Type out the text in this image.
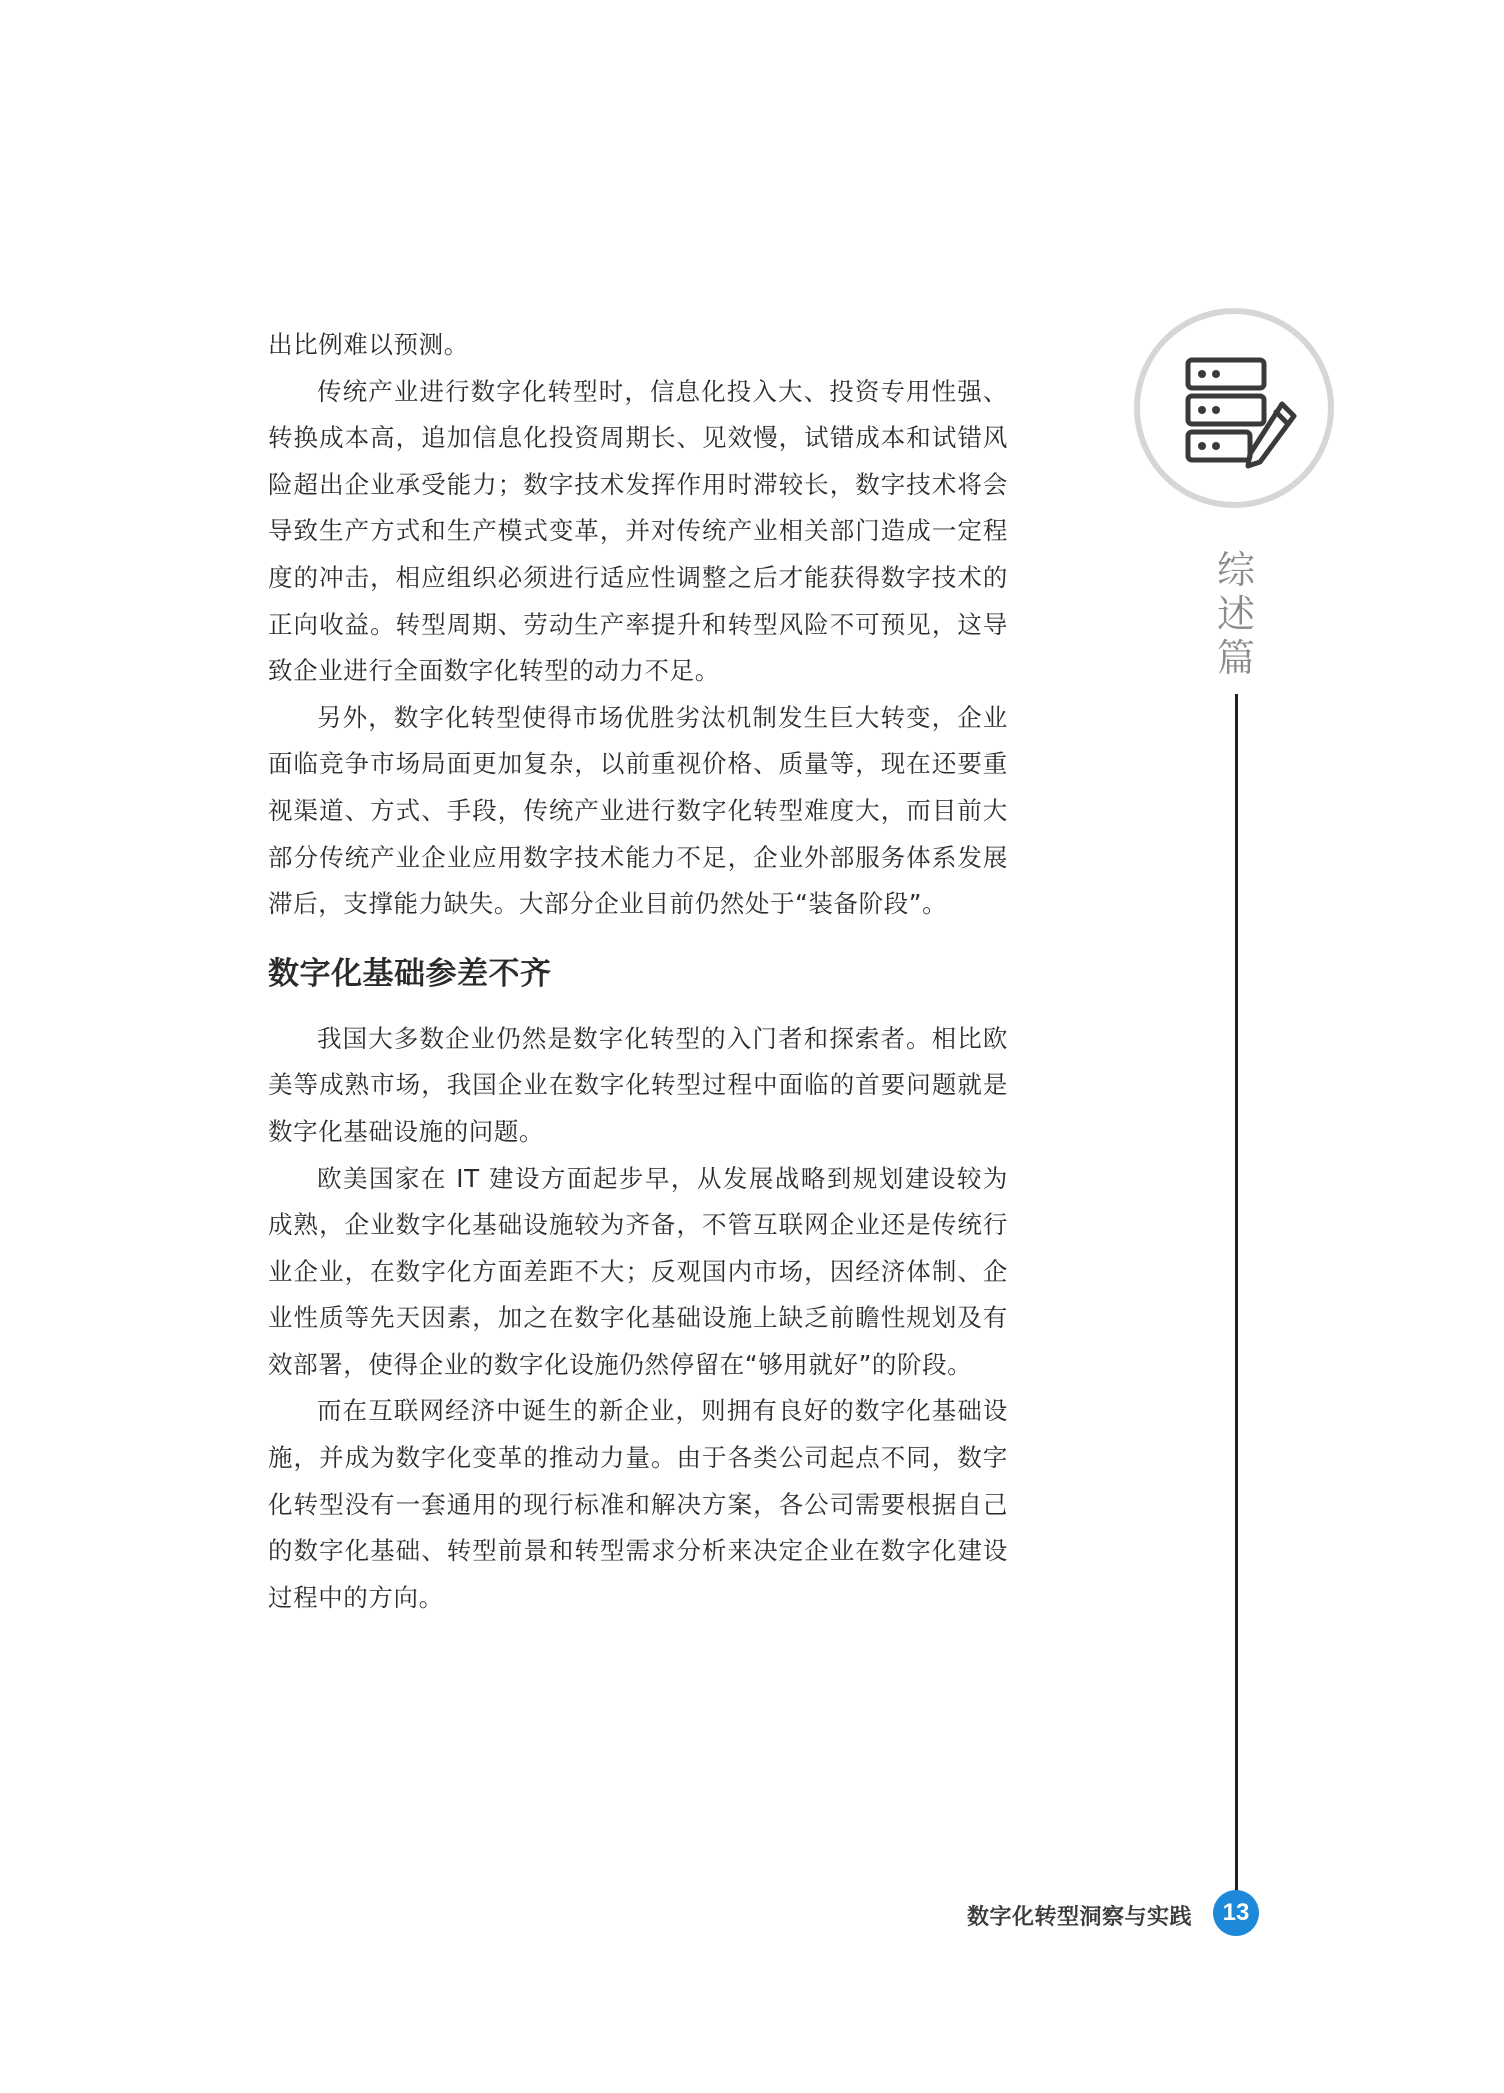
出比例难以预测。

传统产业进行数字化转型时，信息化投入大、投资专用性强、转换成本高，追加信息化投资周期长、见效慢，试错成本和试错风险超出企业承受能力；数字技术发挥作用时滞较长，数字技术将会导致生产方式和生产模式变革，并对传统产业相关部门造成一定程度的冲击，相应组织必须进行适应性调整之后才能获得数字技术的正向收益。转型周期、劳动生产率提升和转型风险不可预见，这导致企业进行全面数字化转型的动力不足。

另外，数字化转型使得市场优胜劣汰机制发生巨大转变，企业面临竞争市场局面更加复杂，以前重视价格、质量等，现在还要重视渠道、方式、手段，传统产业进行数字化转型难度大，而目前大部分传统产业企业应用数字技术能力不足，企业外部服务体系发展滞后，支撑能力缺失。大部分企业目前仍然处于“装备阶段”。

数字化基础参差不齐

我国大多数企业仍然是数字化转型的入门者和探索者。相比欧美等成熟市场，我国企业在数字化转型过程中面临的首要问题就是数字化基础设施的问题。

欧美国家在 IT 建设方面起步早，从发展战略到规划建设较为成熟，企业数字化基础设施较为齐备，不管互联网企业还是传统行业企业，在数字化方面差距不大；反观国内市场，因经济体制、企业性质等先天因素，加之在数字化基础设施上缺乏前瞻性规划及有效部署，使得企业的数字化设施仍然停留在“够用就好”的阶段。

而在互联网经济中诞生的新企业，则拥有良好的数字化基础设施，并成为数字化变革的推动力量。由于各类公司起点不同，数字化转型没有一套通用的现行标准和解决方案，各公司需要根据自己的数字化基础、转型前景和转型需求分析来决定企业在数字化建设过程中的方向。

综述篇
数字化转型洞察与实践	13
